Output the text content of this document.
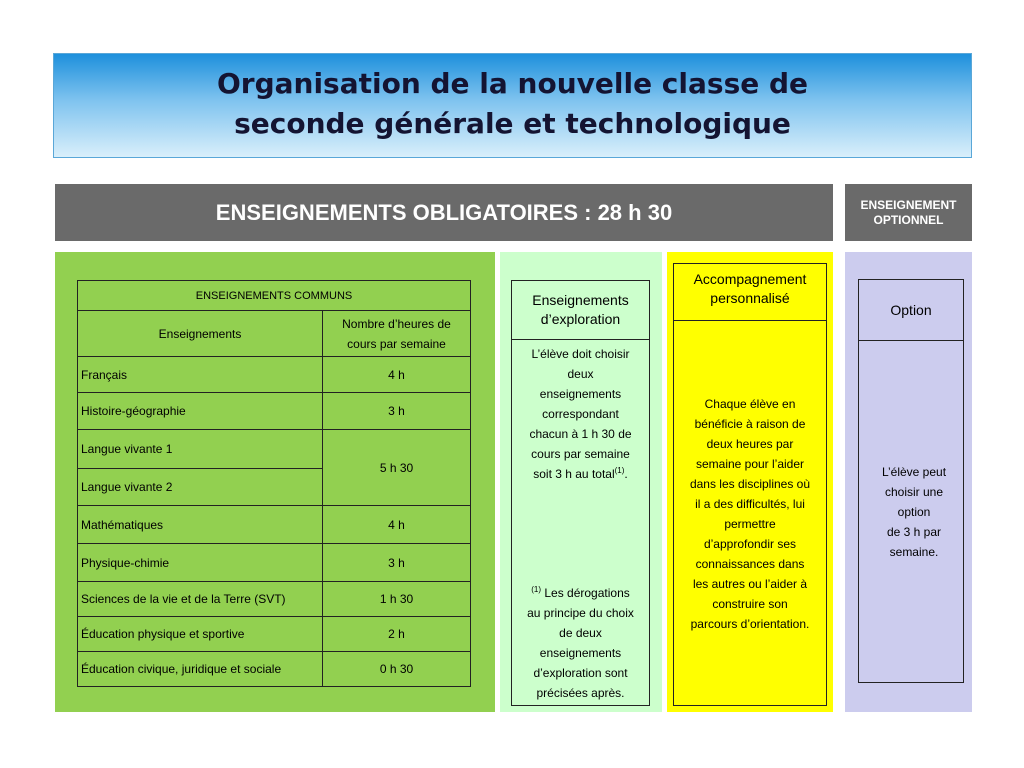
Organisation de la nouvelle classe de
seconde générale et technologique
ENSEIGNEMENTS OBLIGATOIRES : 28 h 30	ENSEIGNEMENT
OPTIONNEL
ENSEIGNEMENTS COMMUNS	
Enseignements	Nombre d’heures de
cours par semaine
Français	4 h
Histoire-géographie	3 h
Langue vivante 1	5 h 30
Langue vivante 2	
Mathématiques	4 h
Physique-chimie	3 h
Sciences de la vie et de la Terre (SVT)	1 h 30
Éducation physique et sportive	2 h
Éducation civique, juridique et sociale	0 h 30
Enseignements
d’exploration
L’élève doit choisir
deux
enseignements
correspondant
chacun à 1 h 30 de
cours par semaine
soit 3 h au total$^{(1)}$.
$^{(1)}$ Les dérogations
au principe du choix
de deux
enseignements
d’exploration sont
précisées après.
Accompagnement
personnalisé
Chaque élève en
bénéficie à raison de
deux heures par
semaine pour l’aider
dans les disciplines où
il a des difficultés, lui
permettre
d’approfondir ses
connaissances dans
les autres ou l’aider à
construire son
parcours d’orientation.
Option
L’élève peut
choisir une
option
de 3 h par
semaine.
